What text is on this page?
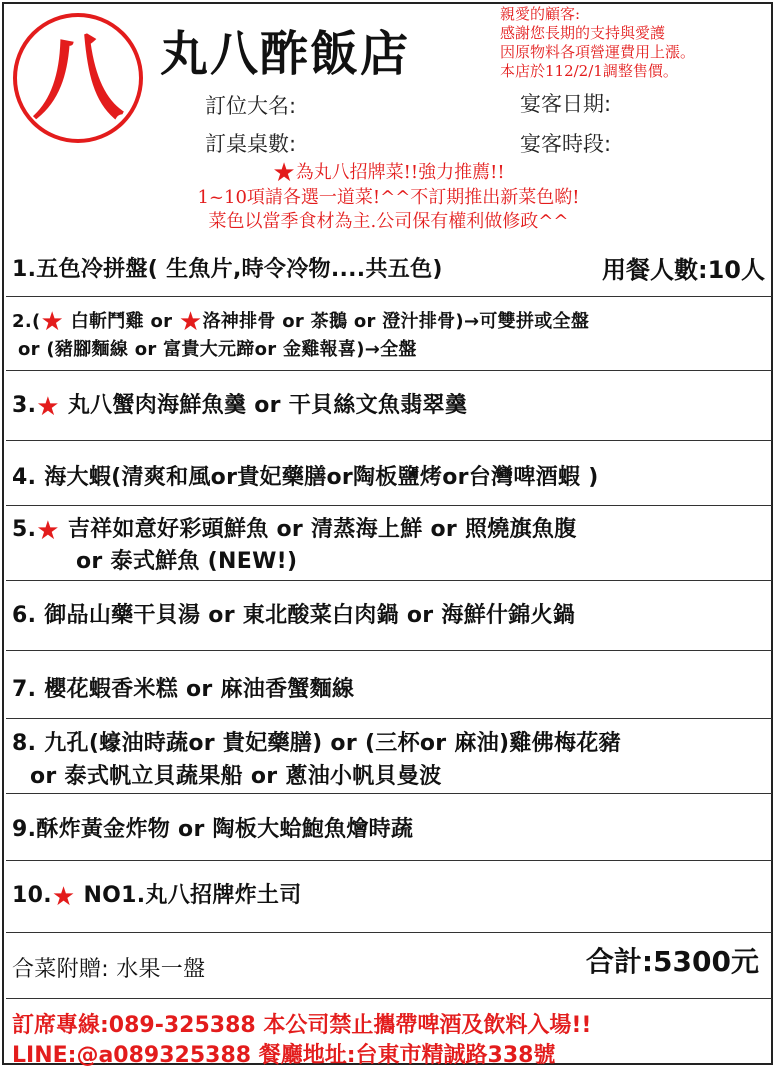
八 丸八酢飯店
親愛的顧客:
感謝您長期的支持與愛護
因原物料各項營運費用上漲。
本店於112/2/1調整售價。
訂位大名:	宴客日期:
訂桌桌數:	宴客時段:
★為丸八招牌菜!!強力推薦!!
1~10項請各選一道菜!^^不訂期推出新菜色喲!
菜色以當季食材為主.公司保有權利做修政^^
1.五色冷拼盤( 生魚片,時令冷物....共五色)	用餐人數:10人
2.(★ 白斬鬥雞 or ★洛神排骨 or 茶鵝 or 澄汁排骨)→可雙拼或全盤
or (豬腳麵線 or 富貴大元蹄or 金雞報喜)→全盤
3.★ 丸八蟹肉海鮮魚羹 or 干貝絲文魚翡翠羹
4. 海大蝦(清爽和風or貴妃藥膳or陶板鹽烤or台灣啤酒蝦 )
5.★ 吉祥如意好彩頭鮮魚 or 清蒸海上鮮 or 照燒旗魚腹
or 泰式鮮魚 (NEW!)
6. 御品山藥干貝湯 or 東北酸菜白肉鍋 or 海鮮什錦火鍋
7. 櫻花蝦香米糕 or 麻油香蟹麵線
8. 九孔(蠔油時蔬or 貴妃藥膳) or (三杯or 麻油)雞佛梅花豬
or 泰式帆立貝蔬果船 or 蔥油小帆貝曼波
9.酥炸黃金炸物 or 陶板大蛤鮑魚燴時蔬
10.★ NO1.丸八招牌炸土司
合菜附贈: 水果一盤	合計:5300元
訂席專線:089-325388 本公司禁止攜帶啤酒及飲料入場!!
LINE:@a089325388 餐廳地址:台東市精誠路338號
